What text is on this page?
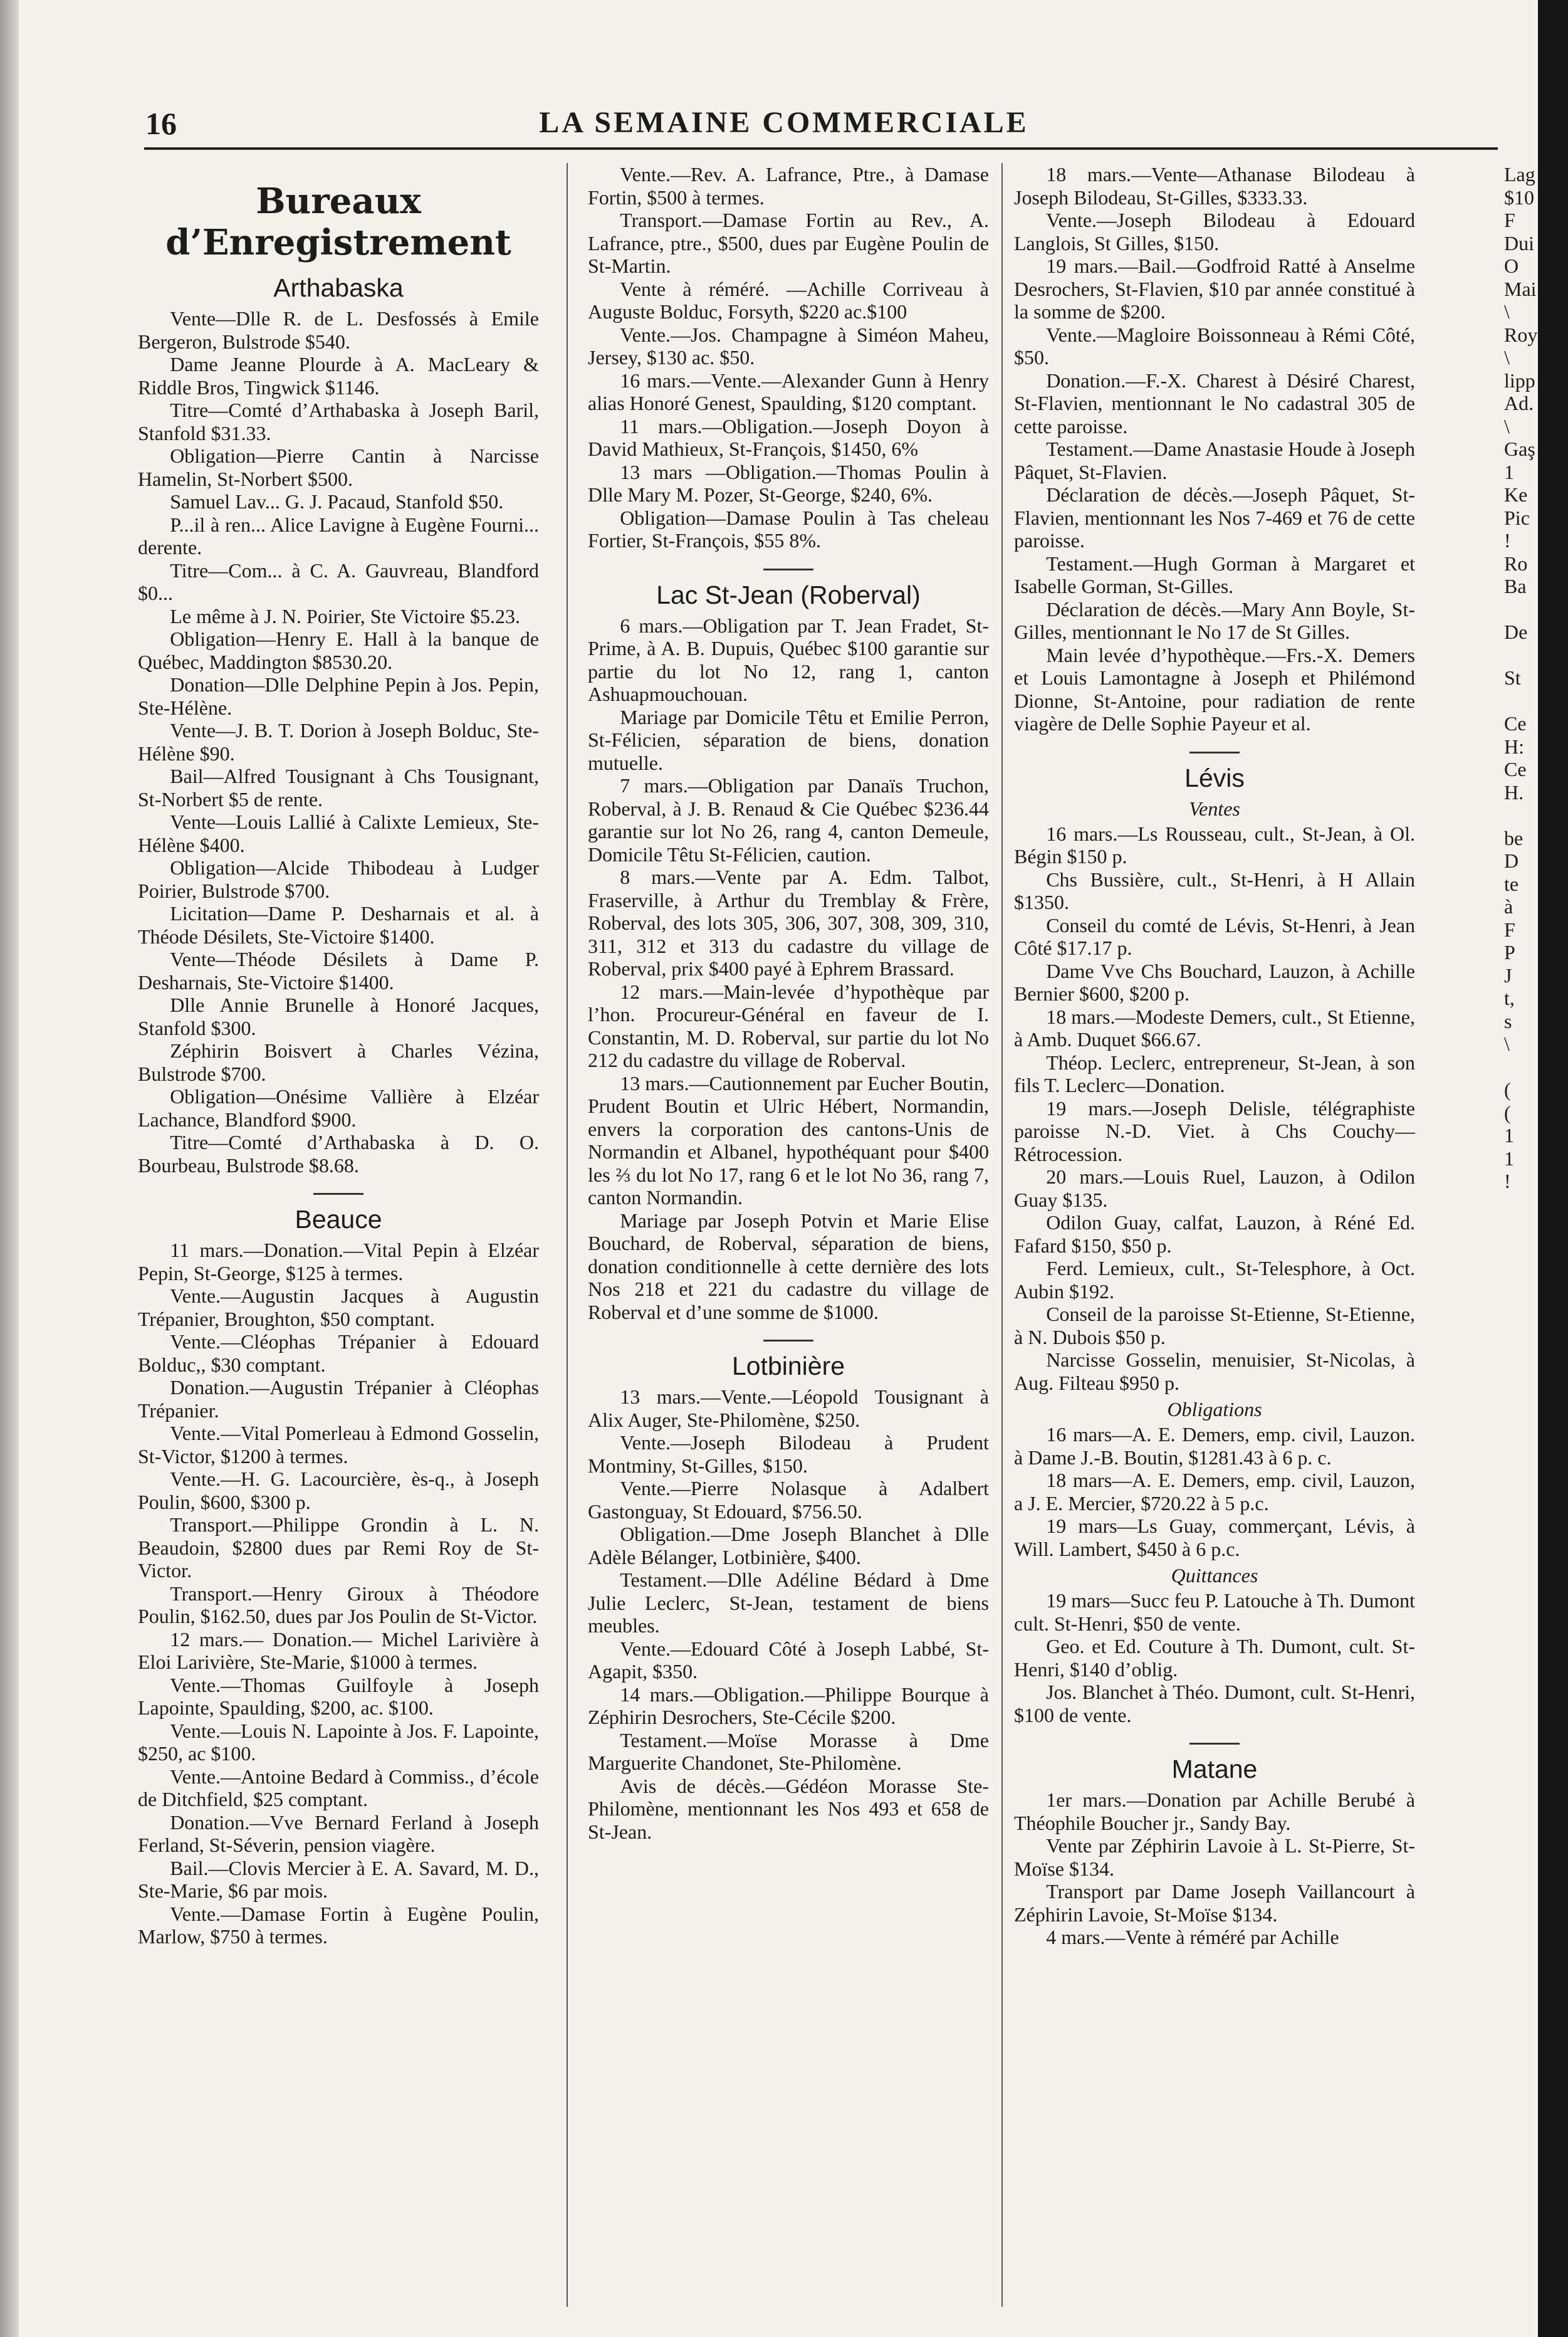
16	LA SEMAINE COMMERCIALE
Bureaux d’Enregistrement
Arthabaska

Vente—Dlle R. de L. Desfossés à Emile Bergeron, Bulstrode $540.

Dame Jeanne Plourde à A. MacLeary & Riddle Bros, Tingwick $1146.

Titre—Comté d’Arthabaska à Joseph Baril, Stanfold $31.33.

Obligation—Pierre Cantin à Narcisse Hamelin, St-Norbert $500.

Samuel Lav... G. J. Pacaud, Stanfold $50.

P...il à ren... Alice Lavigne à Eugène Fourni... derente.

Titre—Com... à C. A. Gauvreau, Blandford $0...

Le même à J. N. Poirier, Ste Victoire $5.23.

Obligation—Henry E. Hall à la banque de Québec, Maddington $8530.20.

Donation—Dlle Delphine Pepin à Jos. Pepin, Ste-Hélène.

Vente—J. B. T. Dorion à Joseph Bolduc, Ste-Hélène $90.

Bail—Alfred Tousignant à Chs Tousignant, St-Norbert $5 de rente.

Vente—Louis Lallié à Calixte Lemieux, Ste-Hélène $400.

Obligation—Alcide Thibodeau à Ludger Poirier, Bulstrode $700.

Licitation—Dame P. Desharnais et al. à Théode Désilets, Ste-Victoire $1400.

Vente—Théode Désilets à Dame P. Desharnais, Ste-Victoire $1400.

Dlle Annie Brunelle à Honoré Jacques, Stanfold $300.

Zéphirin Boisvert à Charles Vézina, Bulstrode $700.

Obligation—Onésime Vallière à Elzéar Lachance, Blandford $900.

Titre—Comté d’Arthabaska à D. O. Bourbeau, Bulstrode $8.68.

Beauce

11 mars.—Donation.—Vital Pepin à Elzéar Pepin, St-George, $125 à termes.

Vente.—Augustin Jacques à Augustin Trépanier, Broughton, $50 comptant.

Vente.—Cléophas Trépanier à Edouard Bolduc,, $30 comptant.

Donation.—Augustin Trépanier à Cléophas Trépanier.

Vente.—Vital Pomerleau à Edmond Gosselin, St-Victor, $1200 à termes.

Vente.—H. G. Lacourcière, ès-q., à Joseph Poulin, $600, $300 p.

Transport.—Philippe Grondin à L. N. Beaudoin, $2800 dues par Remi Roy de St-Victor.

Transport.—Henry Giroux à Théodore Poulin, $162.50, dues par Jos Poulin de St-Victor.

12 mars.— Donation.— Michel Larivière à Eloi Larivière, Ste-Marie, $1000 à termes.

Vente.—Thomas Guilfoyle à Joseph Lapointe, Spaulding, $200, ac. $100.

Vente.—Louis N. Lapointe à Jos. F. Lapointe, $250, ac $100.

Vente.—Antoine Bedard à Commiss., d’école de Ditchfield, $25 comptant.

Donation.—Vve Bernard Ferland à Joseph Ferland, St-Séverin, pension viagère.

Bail.—Clovis Mercier à E. A. Savard, M. D., Ste-Marie, $6 par mois.

Vente.—Damase Fortin à Eugène Poulin, Marlow, $750 à termes.

Vente.—Rev. A. Lafrance, Ptre., à Damase Fortin, $500 à termes.

Transport.—Damase Fortin au Rev., A. Lafrance, ptre., $500, dues par Eugène Poulin de St-Martin.

Vente à réméré. —Achille Corriveau à Auguste Bolduc, Forsyth, $220 ac.$100

Vente.—Jos. Champagne à Siméon Maheu, Jersey, $130 ac. $50.

16 mars.—Vente.—Alexander Gunn à Henry alias Honoré Genest, Spaulding, $120 comptant.

11 mars.—Obligation.—Joseph Doyon à David Mathieux, St-François, $1450, 6%

13 mars —Obligation.—Thomas Poulin à Dlle Mary M. Pozer, St-George, $240, 6%.

Obligation—Damase Poulin à Tas cheleau Fortier, St-François, $55 8%.

Lac St-Jean (Roberval)

6 mars.—Obligation par T. Jean Fradet, St-Prime, à A. B. Dupuis, Québec $100 garantie sur partie du lot No 12, rang 1, canton Ashuapmouchouan.

Mariage par Domicile Têtu et Emilie Perron, St-Félicien, séparation de biens, donation mutuelle.

7 mars.—Obligation par Danaïs Truchon, Roberval, à J. B. Renaud & Cie Québec $236.44 garantie sur lot No 26, rang 4, canton Demeule, Domicile Têtu St-Félicien, caution.

8 mars.—Vente par A. Edm. Talbot, Fraserville, à Arthur du Tremblay & Frère, Roberval, des lots 305, 306, 307, 308, 309, 310, 311, 312 et 313 du cadastre du village de Roberval, prix $400 payé à Ephrem Brassard.

12 mars.—Main-levée d’hypothèque par l’hon. Procureur-Général en faveur de I. Constantin, M. D. Roberval, sur partie du lot No 212 du cadastre du village de Roberval.

13 mars.—Cautionnement par Eucher Boutin, Prudent Boutin et Ulric Hébert, Normandin, envers la corporation des cantons-Unis de Normandin et Albanel, hypothéquant pour $400 les ⅔ du lot No 17, rang 6 et le lot No 36, rang 7, canton Normandin.

Mariage par Joseph Potvin et Marie Elise Bouchard, de Roberval, séparation de biens, donation conditionnelle à cette dernière des lots Nos 218 et 221 du cadastre du village de Roberval et d’une somme de $1000.

Lotbinière

13 mars.—Vente.—Léopold Tousignant à Alix Auger, Ste-Philomène, $250.

Vente.—Joseph Bilodeau à Prudent Montminy, St-Gilles, $150.

Vente.—Pierre Nolasque à Adalbert Gastonguay, St Edouard, $756.50.

Obligation.—Dme Joseph Blanchet à Dlle Adèle Bélanger, Lotbinière, $400.

Testament.—Dlle Adéline Bédard à Dme Julie Leclerc, St-Jean, testament de biens meubles.

Vente.—Edouard Côté à Joseph Labbé, St-Agapit, $350.

14 mars.—Obligation.—Philippe Bourque à Zéphirin Desrochers, Ste-Cécile $200.

Testament.—Moïse Morasse à Dme Marguerite Chandonet, Ste-Philomène.

Avis de décès.—Gédéon Morasse Ste-Philomène, mentionnant les Nos 493 et 658 de St-Jean.

18 mars.—Vente—Athanase Bilodeau à Joseph Bilodeau, St-Gilles, $333.33.

Vente.—Joseph Bilodeau à Edouard Langlois, St Gilles, $150.

19 mars.—Bail.—Godfroid Ratté à Anselme Desrochers, St-Flavien, $10 par année constitué à la somme de $200.

Vente.—Magloire Boissonneau à Rémi Côté, $50.

Donation.—F.-X. Charest à Désiré Charest, St-Flavien, mentionnant le No cadastral 305 de cette paroisse.

Testament.—Dame Anastasie Houde à Joseph Pâquet, St-Flavien.

Déclaration de décès.—Joseph Pâquet, St-Flavien, mentionnant les Nos 7-469 et 76 de cette paroisse.

Testament.—Hugh Gorman à Margaret et Isabelle Gorman, St-Gilles.

Déclaration de décès.—Mary Ann Boyle, St-Gilles, mentionnant le No 17 de St Gilles.

Main levée d’hypothèque.—Frs.-X. Demers et Louis Lamontagne à Joseph et Philémond Dionne, St-Antoine, pour radiation de rente viagère de Delle Sophie Payeur et al.

Lévis
Ventes

16 mars.—Ls Rousseau, cult., St-Jean, à Ol. Bégin $150 p.

Chs Bussière, cult., St-Henri, à H Allain $1350.

Conseil du comté de Lévis, St-Henri, à Jean Côté $17.17 p.

Dame Vve Chs Bouchard, Lauzon, à Achille Bernier $600, $200 p.

18 mars.—Modeste Demers, cult., St Etienne, à Amb. Duquet $66.67.

Théop. Leclerc, entrepreneur, St-Jean, à son fils T. Leclerc—Donation.

19 mars.—Joseph Delisle, télégraphiste paroisse N.-D. Viet. à Chs Couchy—Rétrocession.

20 mars.—Louis Ruel, Lauzon, à Odilon Guay $135.

Odilon Guay, calfat, Lauzon, à Réné Ed. Fafard $150, $50 p.

Ferd. Lemieux, cult., St-Telesphore, à Oct. Aubin $192.

Conseil de la paroisse St-Etienne, St-Etienne, à N. Dubois $50 p.

Narcisse Gosselin, menuisier, St-Nicolas, à Aug. Filteau $950 p.

Obligations

16 mars—A. E. Demers, emp. civil, Lauzon. à Dame J.-B. Boutin, $1281.43 à 6 p. c.

18 mars—A. E. Demers, emp. civil, Lauzon, a J. E. Mercier, $720.22 à 5 p.c.

19 mars—Ls Guay, commerçant, Lévis, à Will. Lambert, $450 à 6 p.c.

Quittances

19 mars—Succ feu P. Latouche à Th. Dumont cult. St-Henri, $50 de vente.

Geo. et Ed. Couture à Th. Dumont, cult. St-Henri, $140 d’oblig.

Jos. Blanchet à Théo. Dumont, cult. St-Henri, $100 de vente.

Matane

1er mars.—Donation par Achille Berubé à Théophile Boucher jr., Sandy Bay.

Vente par Zéphirin Lavoie à L. St-Pierre, St-Moïse $134.

Transport par Dame Joseph Vaillancourt à Zéphirin Lavoie, St-Moïse $134.

4 mars.—Vente à réméré par Achille

Lag
$10
F
Dui
O
Mai
\
Roy
\
lipp
Ad.
\
Gaş
1
Ke
Pic
!
Ro
Ba
De
St
Ce
H:
Ce
H.
be
D
te
à
F
P
J
t,
s
\
(
(
1
1
!
